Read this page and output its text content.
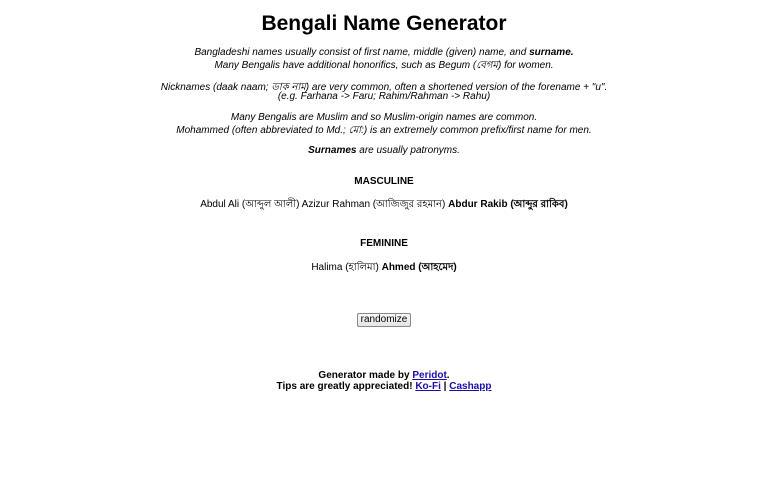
Bengali Name Generator
Bangladeshi names usually consist of first name, middle (given) name, and surname.
Many Bengalis have additional honorifics, such as Begum (বেগম) for women.
Nicknames (daak naam; ডাক নাম) are very common, often a shortened version of the forename + "u".
(e.g. Farhana -> Faru; Rahim/Rahman -> Rahu)
Many Bengalis are Muslim and so Muslim-origin names are common.
Mohammed (often abbreviated to Md.; মো:) is an extremely common prefix/first name for men.
Surnames are usually patronyms.
MASCULINE
Abdul Ali (আব্দুল আলী) Azizur Rahman (আজিজুর রহমান) Abdur Rakib (আব্দুর রাকিব)
FEMININE
Halima (হালিমা) Ahmed (আহমেদ)
randomize
Generator made by Peridot.
Tips are greatly appreciated! Ko-Fi | Cashapp
